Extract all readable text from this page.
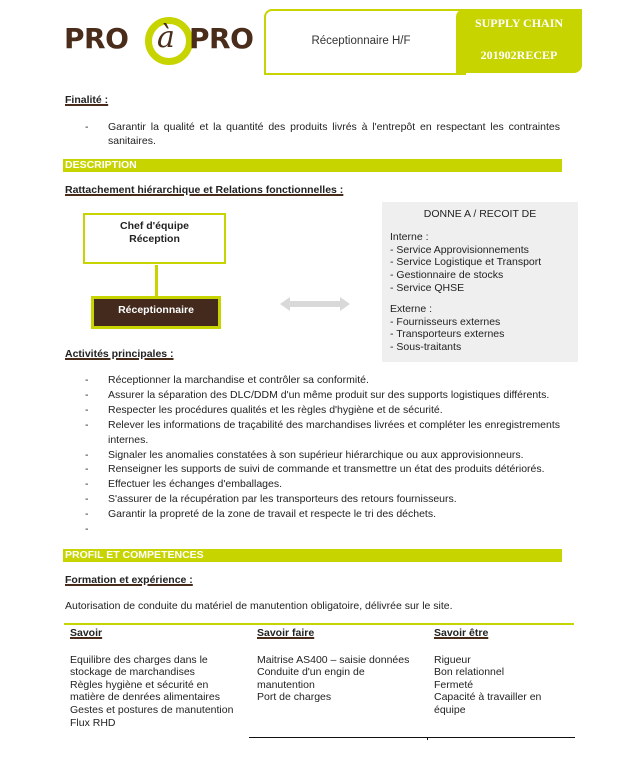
PRO à PRO	Réceptionnaire H/F
SUPPLY CHAIN
201902RECEP
Finalité :
- Garantir la qualité et la quantité des produits livrés à l'entrepôt en respectant les contraintes sanitaires.
DESCRIPTION
Rattachement hiérarchique et Relations fonctionnelles :
Chef d'équipe
Réception
Réceptionnaire
DONNE A / RECOIT DE
Interne :
- Service Approvisionnements
- Service Logistique et Transport
- Gestionnaire de stocks
- Service QHSE
Externe :
- Fournisseurs externes
- Transporteurs externes
- Sous-traitants
Activités principales :
- Réceptionner la marchandise et contrôler sa conformité.
- Assurer la séparation des DLC/DDM d'un même produit sur des supports logistiques différents.
- Respecter les procédures qualités et les règles d'hygiène et de sécurité.
- Relever les informations de traçabilité des marchandises livrées et compléter les enregistrements internes.
- Signaler les anomalies constatées à son supérieur hiérarchique ou aux approvisionneurs.
- Renseigner les supports de suivi de commande et transmettre un état des produits détériorés.
- Effectuer les échanges d'emballages.
- S'assurer de la récupération par les transporteurs des retours fournisseurs.
- Garantir la propreté de la zone de travail et respecte le tri des déchets.
-
PROFIL ET COMPETENCES
Formation et expérience :
Autorisation de conduite du matériel de manutention obligatoire, délivrée sur le site.
Savoir
Equilibre des charges dans le
stockage de marchandises
Règles hygiène et sécurité en
matière de denrées alimentaires
Gestes et postures de manutention
Flux RHD
Savoir faire
Maitrise AS400 – saisie données
Conduite d'un engin de
manutention
Port de charges
Savoir être
Rigueur
Bon relationnel
Fermeté
Capacité à travailler en
équipe
